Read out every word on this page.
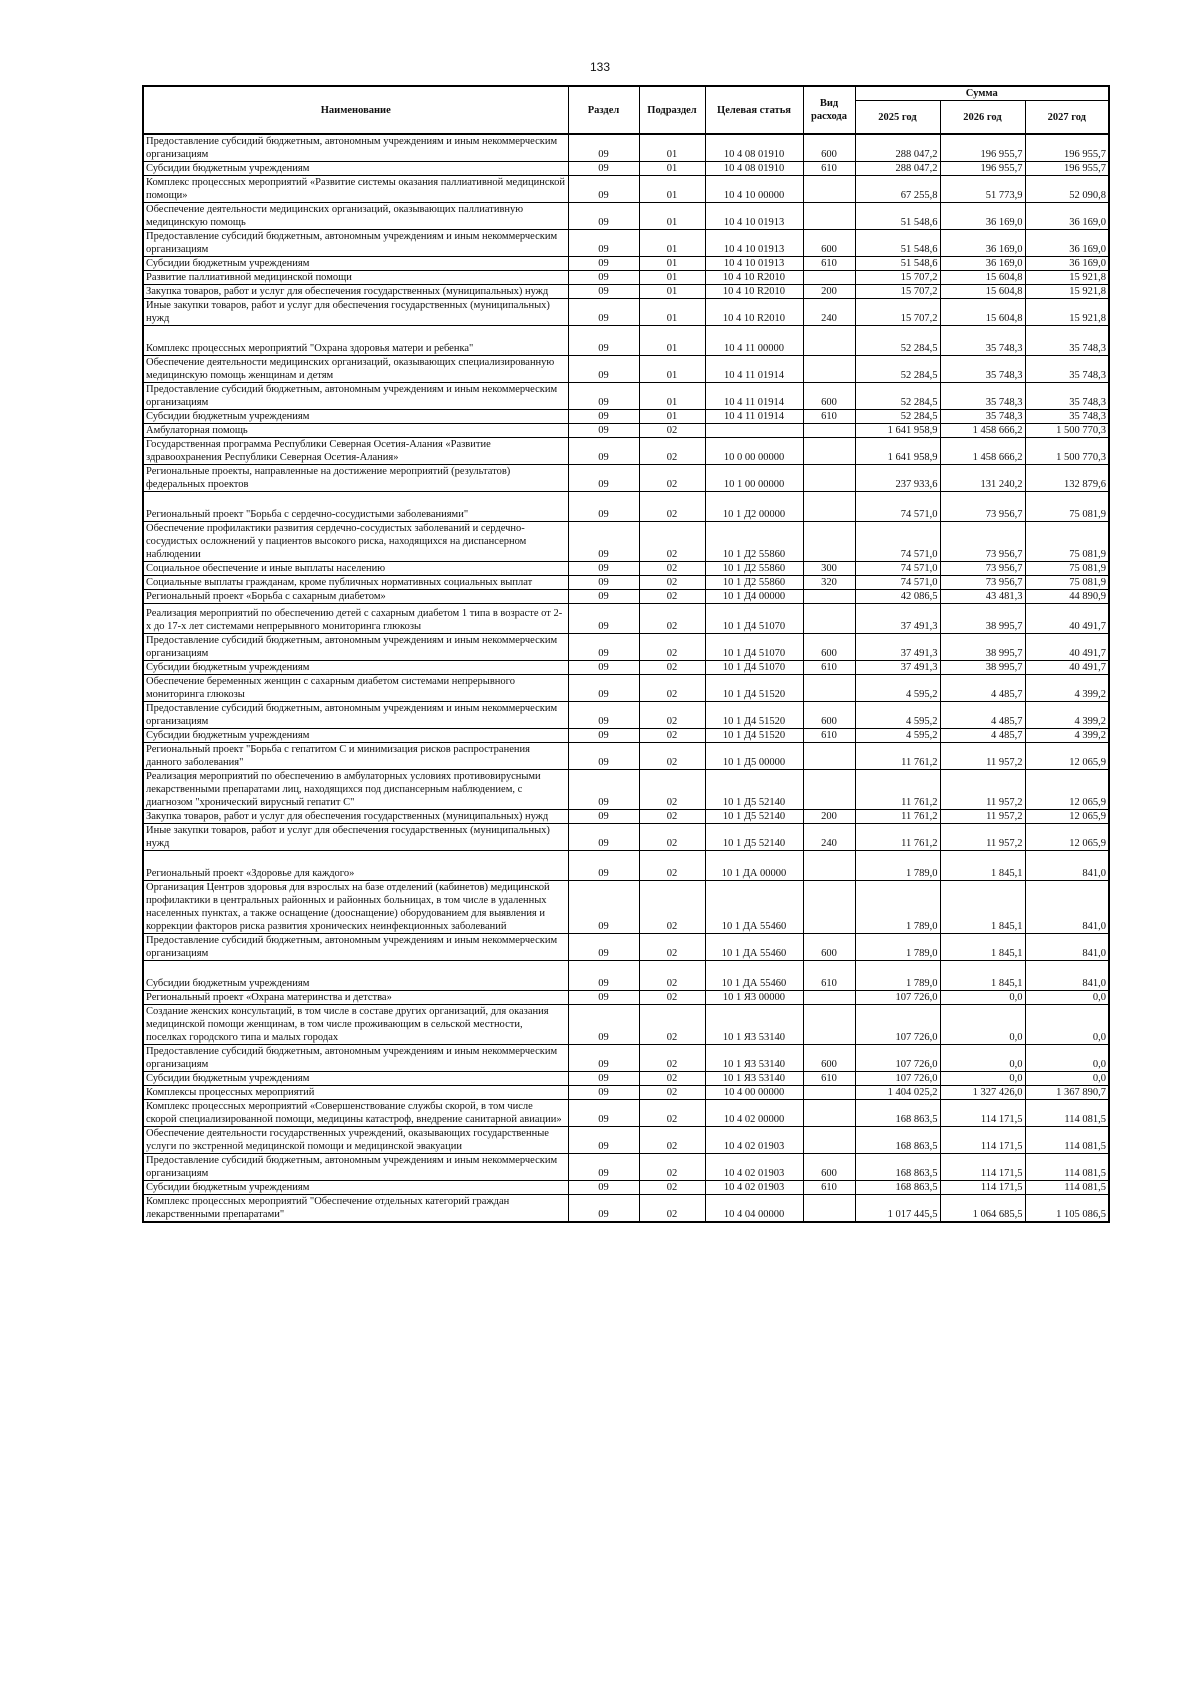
133
Наименование	Раздел	Подраздел	Целевая статья	Вид расхода	Сумма		
					2025 год	2026 год	2027 год
Предоставление субсидий бюджетным, автономным учреждениям и иным некоммерческим организациям	09	01	10 4 08 01910	600	288 047,2	196 955,7	196 955,7
Субсидии бюджетным учреждениям	09	01	10 4 08 01910	610	288 047,2	196 955,7	196 955,7
Комплекс процессных мероприятий «Развитие системы оказания паллиативной медицинской помощи»	09	01	10 4 10 00000		67 255,8	51 773,9	52 090,8
Обеспечение деятельности медицинских организаций, оказывающих паллиативную медицинскую помощь	09	01	10 4 10 01913		51 548,6	36 169,0	36 169,0
Предоставление субсидий бюджетным, автономным учреждениям и иным некоммерческим организациям	09	01	10 4 10 01913	600	51 548,6	36 169,0	36 169,0
Субсидии бюджетным учреждениям	09	01	10 4 10 01913	610	51 548,6	36 169,0	36 169,0
Развитие паллиативной медицинской помощи	09	01	10 4 10 R2010		15 707,2	15 604,8	15 921,8
Закупка товаров, работ и услуг для обеспечения государственных (муниципальных) нужд	09	01	10 4 10 R2010	200	15 707,2	15 604,8	15 921,8
Иные закупки товаров, работ и услуг для обеспечения государственных (муниципальных) нужд	09	01	10 4 10 R2010	240	15 707,2	15 604,8	15 921,8
Комплекс процессных мероприятий "Охрана здоровья матери и ребенка"	09	01	10 4 11 00000		52 284,5	35 748,3	35 748,3
Обеспечение деятельности медицинских организаций, оказывающих специализированную медицинскую помощь женщинам и детям	09	01	10 4 11 01914		52 284,5	35 748,3	35 748,3
Предоставление субсидий бюджетным, автономным учреждениям и иным некоммерческим организациям	09	01	10 4 11 01914	600	52 284,5	35 748,3	35 748,3
Субсидии бюджетным учреждениям	09	01	10 4 11 01914	610	52 284,5	35 748,3	35 748,3
Амбулаторная помощь	09	02			1 641 958,9	1 458 666,2	1 500 770,3
Государственная программа Республики Северная Осетия-Алания «Развитие здравоохранения Республики Северная Осетия-Алания»	09	02	10 0 00 00000		1 641 958,9	1 458 666,2	1 500 770,3
Региональные проекты, направленные на достижение мероприятий (результатов) федеральных проектов	09	02	10 1 00 00000		237 933,6	131 240,2	132 879,6
Региональный проект "Борьба с сердечно-сосудистыми заболеваниями"	09	02	10 1 Д2 00000		74 571,0	73 956,7	75 081,9
Обеспечение профилактики развития сердечно-сосудистых заболеваний и сердечно-сосудистых осложнений у пациентов высокого риска, находящихся на диспансерном наблюдении	09	02	10 1 Д2 55860		74 571,0	73 956,7	75 081,9
Социальное обеспечение и иные выплаты населению	09	02	10 1 Д2 55860	300	74 571,0	73 956,7	75 081,9
Социальные выплаты гражданам, кроме публичных нормативных социальных выплат	09	02	10 1 Д2 55860	320	74 571,0	73 956,7	75 081,9
Региональный проект «Борьба с сахарным диабетом»	09	02	10 1 Д4 00000		42 086,5	43 481,3	44 890,9
Реализация мероприятий по обеспечению детей с сахарным диабетом 1 типа в возрасте от 2-х до 17-х лет системами непрерывного мониторинга глюкозы	09	02	10 1 Д4 51070		37 491,3	38 995,7	40 491,7
Предоставление субсидий бюджетным, автономным учреждениям и иным некоммерческим организациям	09	02	10 1 Д4 51070	600	37 491,3	38 995,7	40 491,7
Субсидии бюджетным учреждениям	09	02	10 1 Д4 51070	610	37 491,3	38 995,7	40 491,7
Обеспечение беременных женщин с сахарным диабетом системами непрерывного мониторинга глюкозы	09	02	10 1 Д4 51520		4 595,2	4 485,7	4 399,2
Предоставление субсидий бюджетным, автономным учреждениям и иным некоммерческим организациям	09	02	10 1 Д4 51520	600	4 595,2	4 485,7	4 399,2
Субсидии бюджетным учреждениям	09	02	10 1 Д4 51520	610	4 595,2	4 485,7	4 399,2
Региональный проект "Борьба с гепатитом С и минимизация рисков распространения данного заболевания"	09	02	10 1 Д5 00000		11 761,2	11 957,2	12 065,9
Реализация мероприятий по обеспечению в амбулаторных условиях противовирусными лекарственными препаратами лиц, находящихся под диспансерным наблюдением, с диагнозом "хронический вирусный гепатит С"	09	02	10 1 Д5 52140		11 761,2	11 957,2	12 065,9
Закупка товаров, работ и услуг для обеспечения государственных (муниципальных) нужд	09	02	10 1 Д5 52140	200	11 761,2	11 957,2	12 065,9
Иные закупки товаров, работ и услуг для обеспечения государственных (муниципальных) нужд	09	02	10 1 Д5 52140	240	11 761,2	11 957,2	12 065,9
Региональный проект «Здоровье для каждого»	09	02	10 1 ДА 00000		1 789,0	1 845,1	841,0
Организация Центров здоровья для взрослых на базе отделений (кабинетов) медицинской профилактики в центральных районных и районных больницах, в том числе в удаленных населенных пунктах, а также оснащение (дооснащение) оборудованием для выявления и коррекции факторов риска развития хронических неинфекционных заболеваний	09	02	10 1 ДА 55460		1 789,0	1 845,1	841,0
Предоставление субсидий бюджетным, автономным учреждениям и иным некоммерческим организациям	09	02	10 1 ДА 55460	600	1 789,0	1 845,1	841,0
Субсидии бюджетным учреждениям	09	02	10 1 ДА 55460	610	1 789,0	1 845,1	841,0
Региональный проект «Охрана материнства и детства»	09	02	10 1 Я3 00000		107 726,0	0,0	0,0
Создание женских консультаций, в том числе в составе других организаций, для оказания медицинской помощи женщинам, в том числе проживающим в сельской местности, поселках городского типа и малых городах	09	02	10 1 Я3 53140		107 726,0	0,0	0,0
Предоставление субсидий бюджетным, автономным учреждениям и иным некоммерческим организациям	09	02	10 1 Я3 53140	600	107 726,0	0,0	0,0
Субсидии бюджетным учреждениям	09	02	10 1 Я3 53140	610	107 726,0	0,0	0,0
Комплексы процессных мероприятий	09	02	10 4 00 00000		1 404 025,2	1 327 426,0	1 367 890,7
Комплекс процессных мероприятий «Совершенствование службы скорой, в том числе скорой специализированной помощи, медицины катастроф, внедрение санитарной авиации»	09	02	10 4 02 00000		168 863,5	114 171,5	114 081,5
Обеспечение деятельности государственных учреждений, оказывающих государственные услуги по экстренной медицинской помощи и медицинской эвакуации	09	02	10 4 02 01903		168 863,5	114 171,5	114 081,5
Предоставление субсидий бюджетным, автономным учреждениям и иным некоммерческим организациям	09	02	10 4 02 01903	600	168 863,5	114 171,5	114 081,5
Субсидии бюджетным учреждениям	09	02	10 4 02 01903	610	168 863,5	114 171,5	114 081,5
Комплекс процессных мероприятий "Обеспечение отдельных категорий граждан лекарственными препаратами"	09	02	10 4 04 00000		1 017 445,5	1 064 685,5	1 105 086,5
